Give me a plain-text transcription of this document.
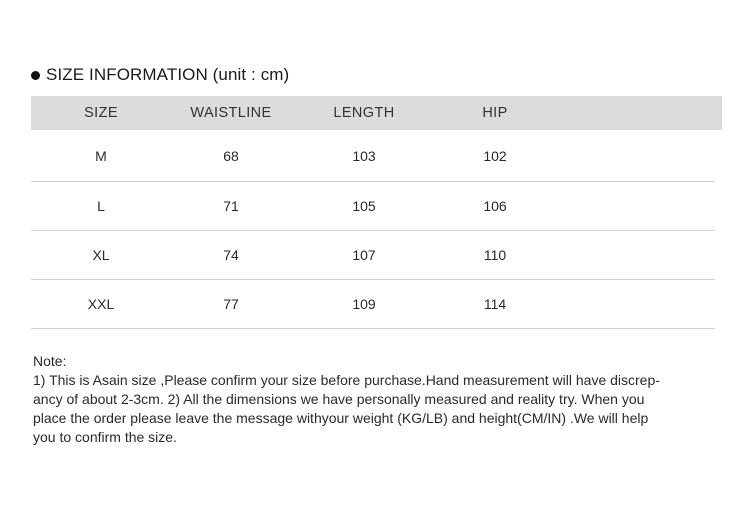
SIZE INFORMATION (unit : cm)
SIZE	WAISTLINE	LENGTH	HIP
M	68	103	102
L	71	105	106
XL	74	107	110
XXL	77	109	114
Note:
1) This is Asain size ,Please confirm your size before purchase.Hand measurement will have discrep-
ancy of about 2-3cm. 2) All the dimensions we have personally measured and reality try. When you
place the order please leave the message withyour weight (KG/LB) and height(CM/IN) .We will help
you to confirm the size.
